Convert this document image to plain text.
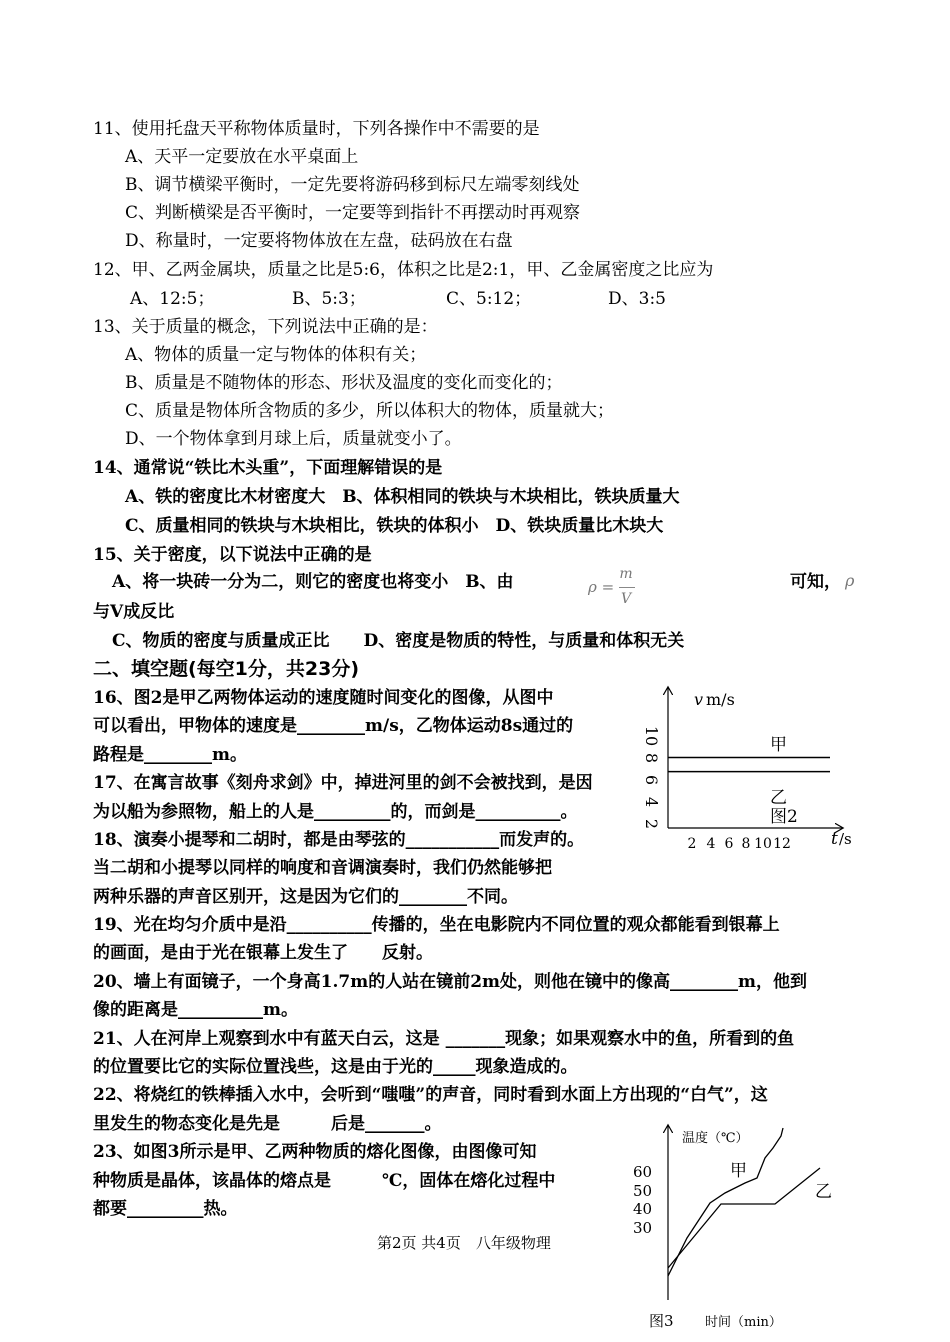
11、使用托盘天平称物体质量时，下列各操作中不需要的是
A、天平一定要放在水平桌面上
B、调节横梁平衡时，一定先要将游码移到标尺左端零刻线处
C、判断横梁是否平衡时，一定要等到指针不再摆动时再观察
D、称量时，一定要将物体放在左盘，砝码放在右盘
12、甲、乙两金属块，质量之比是5:6，体积之比是2:1，甲、乙金属密度之比应为
A、12:5；	B、5:3；	C、5:12；	D、3:5
13、关于质量的概念，下列说法中正确的是：
A、物体的质量一定与物体的体积有关；
B、质量是不随物体的形态、形状及温度的变化而变化的；
C、质量是物体所含物质的多少，所以体积大的物体，质量就大；
D、一个物体拿到月球上后，质量就变小了。
14、通常说“铁比木头重”，下面理解错误的是
A、铁的密度比木材密度大　B、体积相同的铁块与木块相比，铁块质量大
C、质量相同的铁块与木块相比，铁块的体积小　D、铁块质量比木块大
15、关于密度，以下说法中正确的是
A、将一块砖一分为二，则它的密度也将变小　B、由	ρ =
m
V
可知， ρ
与V成反比
C、物质的密度与质量成正比　　D、密度是物质的特性，与质量和体积无关
二、填空题(每空1分，共23分)
16、图2是甲乙两物体运动的速度随时间变化的图像，从图中
可以看出，甲物体的速度是________m/s，乙物体运动8s通过的
路程是________m。
17、在寓言故事《刻舟求剑》中，掉进河里的剑不会被找到，是因
为以船为参照物，船上的人是_________的，而剑是__________。
18、演奏小提琴和二胡时，都是由琴弦的___________而发声的。
当二胡和小提琴以同样的响度和音调演奏时，我们仍然能够把
两种乐器的声音区别开，这是因为它们的________不同。
19、光在均匀介质中是沿__________传播的，坐在电影院内不同位置的观众都能看到银幕上
的画面，是由于光在银幕上发生了　　反射。
20、墙上有面镜子，一个身高1.7m的人站在镜前2m处，则他在镜中的像高________m，他到
像的距离是__________m。
21、人在河岸上观察到水中有蓝天白云，这是 _______现象；如果观察水中的鱼，所看到的鱼
的位置要比它的实际位置浅些，这是由于光的_____现象造成的。
22、将烧红的铁棒插入水中，会听到“嗤嗤”的声音，同时看到水面上方出现的“白气”，这
里发生的物态变化是先是　　　后是_______。
23、如图3所示是甲、乙两种物质的熔化图像，由图像可知
种物质是晶体，该晶体的熔点是　　　℃，固体在熔化过程中
都要_________热。
第2页 共4页　八年级物理
v m/s
10
8
6
4
2
2 4 6 8 10 12 t /s
甲
乙
图2
温度（℃）
60
50
40
30
甲
乙
图3 时间（min）
